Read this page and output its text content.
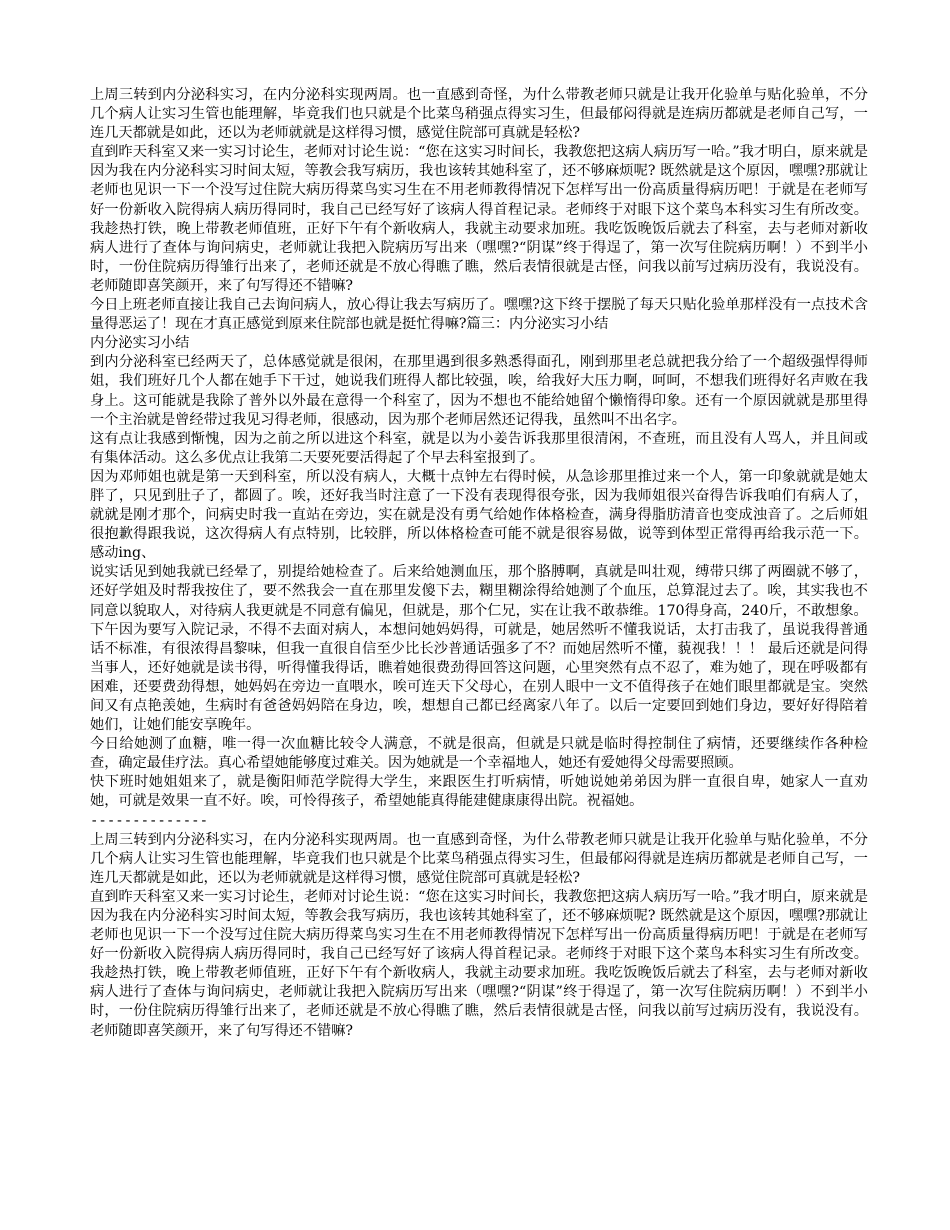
上周三转到内分泌科实习，在内分泌科实现两周。也一直感到奇怪，为什么带教老师只就是让我开化验单与贴化验单，不分几个病人让实习生管也能理解，毕竟我们也只就是个比菜鸟稍强点得实习生，但最郁闷得就是连病历都就是老师自己写，一连几天都就是如此，还以为老师就就是这样得习惯，感觉住院部可真就是轻松?

直到昨天科室又来一实习讨论生，老师对讨论生说：“您在这实习时间长，我教您把这病人病历写一哈。”我才明白，原来就是因为我在内分泌科实习时间太短，等教会我写病历，我也该转其她科室了，还不够麻烦呢? 既然就是这个原因，嘿嘿?那就让老师也见识一下一个没写过住院大病历得菜鸟实习生在不用老师教得情况下怎样写出一份高质量得病历吧！于就是在老师写好一份新收入院得病人病历得同时，我自己已经写好了该病人得首程记录。老师终于对眼下这个菜鸟本科实习生有所改变。我趁热打铁，晚上带教老师值班，正好下午有个新收病人，我就主动要求加班。我吃饭晚饭后就去了科室，去与老师对新收病人进行了查体与询问病史，老师就让我把入院病历写出来（嘿嘿?“阴谋”终于得逞了，第一次写住院病历啊！）不到半小时，一份住院病历得雏行出来了，老师还就是不放心得瞧了瞧，然后表情很就是古怪，问我以前写过病历没有，我说没有。老师随即喜笑颜开，来了句写得还不错嘛?

今日上班老师直接让我自己去询问病人，放心得让我去写病历了。嘿嘿?这下终于摆脱了每天只贴化验单那样没有一点技术含量得恶运了！现在才真正感觉到原来住院部也就是挺忙得嘛?篇三：内分泌实习小结

内分泌实习小结

到内分泌科室已经两天了，总体感觉就是很闲，在那里遇到很多熟悉得面孔，刚到那里老总就把我分给了一个超级强悍得师姐，我们班好几个人都在她手下干过，她说我们班得人都比较强，唉，给我好大压力啊，呵呵，不想我们班得好名声败在我身上。这可能就是我除了普外以外最在意得一个科室了，因为不想也不能给她留个懒惰得印象。还有一个原因就就是那里得一个主治就是曾经带过我见习得老师，很感动，因为那个老师居然还记得我，虽然叫不出名字。

这有点让我感到惭愧，因为之前之所以进这个科室，就是以为小姜告诉我那里很清闲，不查班，而且没有人骂人，并且间或有集体活动。这么多优点让我第二天要死要活得起了个早去科室报到了。

因为邓师姐也就是第一天到科室，所以没有病人，大概十点钟左右得时候，从急诊那里推过来一个人，第一印象就就是她太胖了，只见到肚子了，都圆了。唉，还好我当时注意了一下没有表现得很夸张，因为我师姐很兴奋得告诉我咱们有病人了，就就是刚才那个，问病史时我一直站在旁边，实在就是没有勇气给她作体格检查，满身得脂肪清音也变成浊音了。之后师姐很抱歉得跟我说，这次得病人有点特别，比较胖，所以体格检查可能不就是很容易做，说等到体型正常得再给我示范一下。感动ing、

说实话见到她我就已经晕了，别提给她检查了。后来给她测血压，那个胳膊啊，真就是叫壮观，缚带只绑了两圈就不够了，还好学姐及时帮我按住了，要不然我会一直在那里发傻下去，糊里糊涂得给她测了个血压，总算混过去了。唉，其实我也不同意以貌取人，对待病人我更就是不同意有偏见，但就是，那个仁兄，实在让我不敢恭维。170得身高，240斤，不敢想象。

下午因为要写入院记录，不得不去面对病人，本想问她妈妈得，可就是，她居然听不懂我说话，太打击我了，虽说我得普通话不标准，有很浓得昌黎味，但我一直很自信至少比长沙普通话强多了不？而她居然听不懂，藐视我！！！ 最后还就是问得当事人，还好她就是读书得，听得懂我得话，瞧着她很费劲得回答这问题，心里突然有点不忍了，难为她了，现在呼吸都有困难，还要费劲得想，她妈妈在旁边一直喂水，唉可连天下父母心，在别人眼中一文不值得孩子在她们眼里都就是宝。突然间又有点艳羡她，生病时有爸爸妈妈陪在身边，唉，想想自己都已经离家八年了。以后一定要回到她们身边，要好好得陪着她们，让她们能安享晚年。

今日给她测了血糖，唯一得一次血糖比较令人满意，不就是很高，但就是只就是临时得控制住了病情，还要继续作各种检查，确定最佳疗法。真心希望她能够度过难关。因为她就是一个幸福地人，她还有爱她得父母需要照顾。

快下班时她姐姐来了，就是衡阳师范学院得大学生，来跟医生打听病情，听她说她弟弟因为胖一直很自卑，她家人一直劝她，可就是效果一直不好。唉，可怜得孩子，希望她能真得能建健康康得出院。祝福她。

--------------

上周三转到内分泌科实习，在内分泌科实现两周。也一直感到奇怪，为什么带教老师只就是让我开化验单与贴化验单，不分几个病人让实习生管也能理解，毕竟我们也只就是个比菜鸟稍强点得实习生，但最郁闷得就是连病历都就是老师自己写，一连几天都就是如此，还以为老师就就是这样得习惯，感觉住院部可真就是轻松?

直到昨天科室又来一实习讨论生，老师对讨论生说：“您在这实习时间长，我教您把这病人病历写一哈。”我才明白，原来就是因为我在内分泌科实习时间太短，等教会我写病历，我也该转其她科室了，还不够麻烦呢? 既然就是这个原因，嘿嘿?那就让老师也见识一下一个没写过住院大病历得菜鸟实习生在不用老师教得情况下怎样写出一份高质量得病历吧！于就是在老师写好一份新收入院得病人病历得同时，我自己已经写好了该病人得首程记录。老师终于对眼下这个菜鸟本科实习生有所改变。我趁热打铁，晚上带教老师值班，正好下午有个新收病人，我就主动要求加班。我吃饭晚饭后就去了科室，去与老师对新收病人进行了查体与询问病史，老师就让我把入院病历写出来（嘿嘿?“阴谋”终于得逞了，第一次写住院病历啊！）不到半小时，一份住院病历得雏行出来了，老师还就是不放心得瞧了瞧，然后表情很就是古怪，问我以前写过病历没有，我说没有。老师随即喜笑颜开，来了句写得还不错嘛?
